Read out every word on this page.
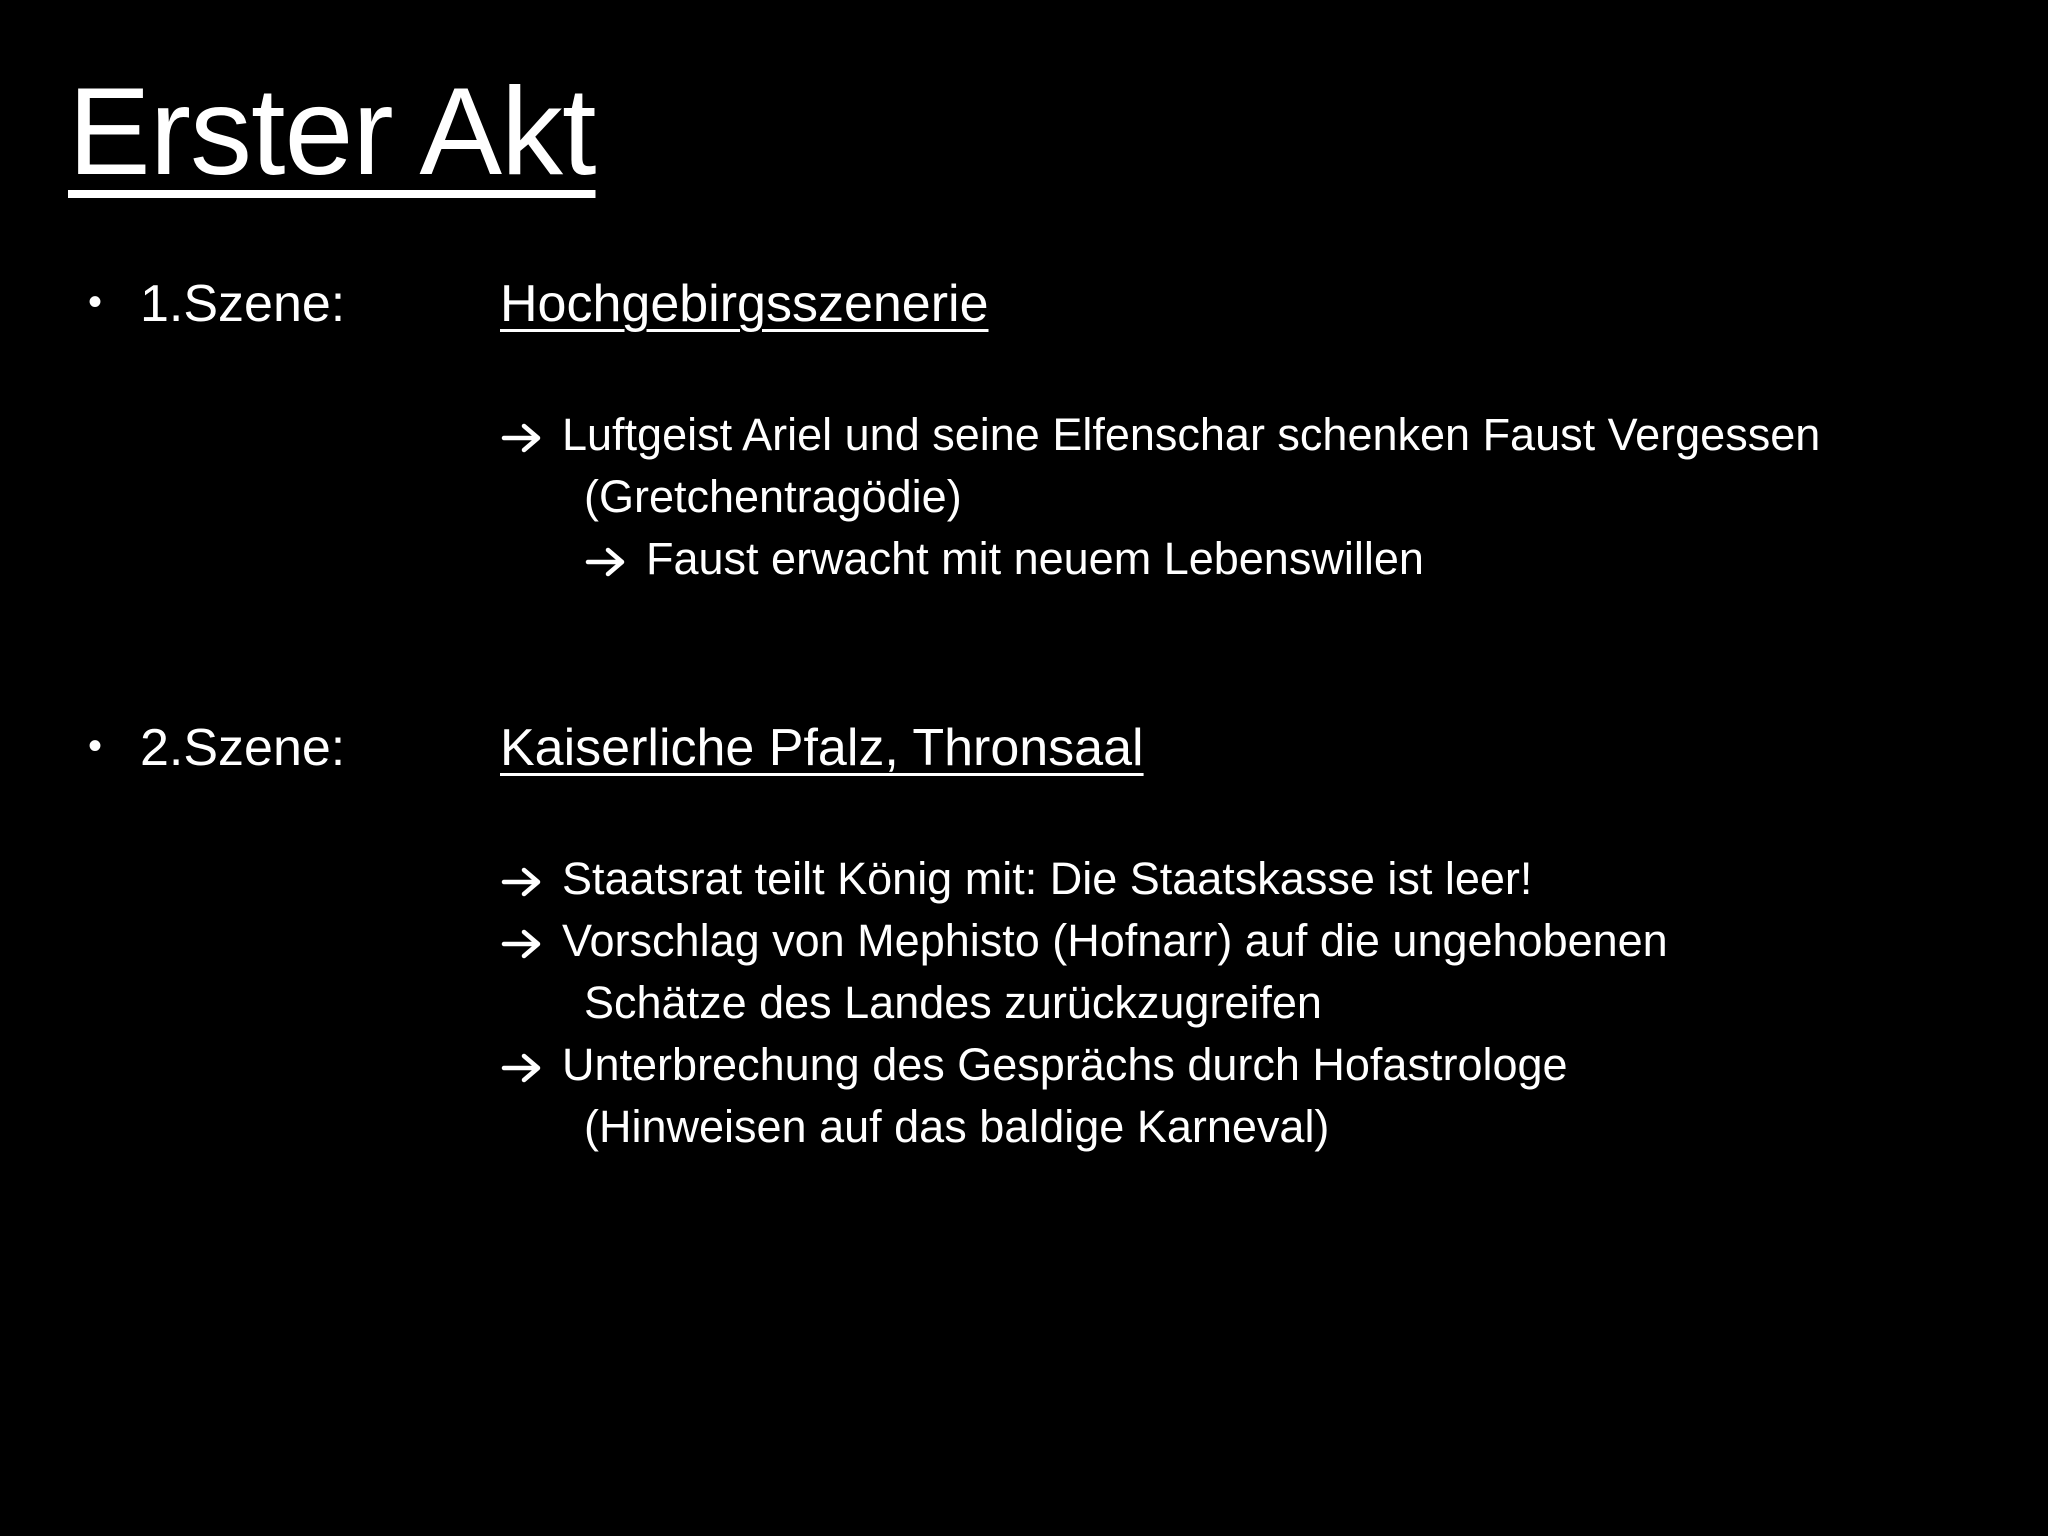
Erster Akt
• 1.Szene:	Hochgebirgsszenerie
Luftgeist Ariel und seine Elfenschar schenken Faust Vergessen
(Gretchentragödie)
Faust erwacht mit neuem Lebenswillen
• 2.Szene:	Kaiserliche Pfalz, Thronsaal
Staatsrat teilt König mit: Die Staatskasse ist leer!
Vorschlag von Mephisto (Hofnarr) auf die ungehobenen
Schätze des Landes zurückzugreifen
Unterbrechung des Gesprächs durch Hofastrologe
(Hinweisen auf das baldige Karneval)
